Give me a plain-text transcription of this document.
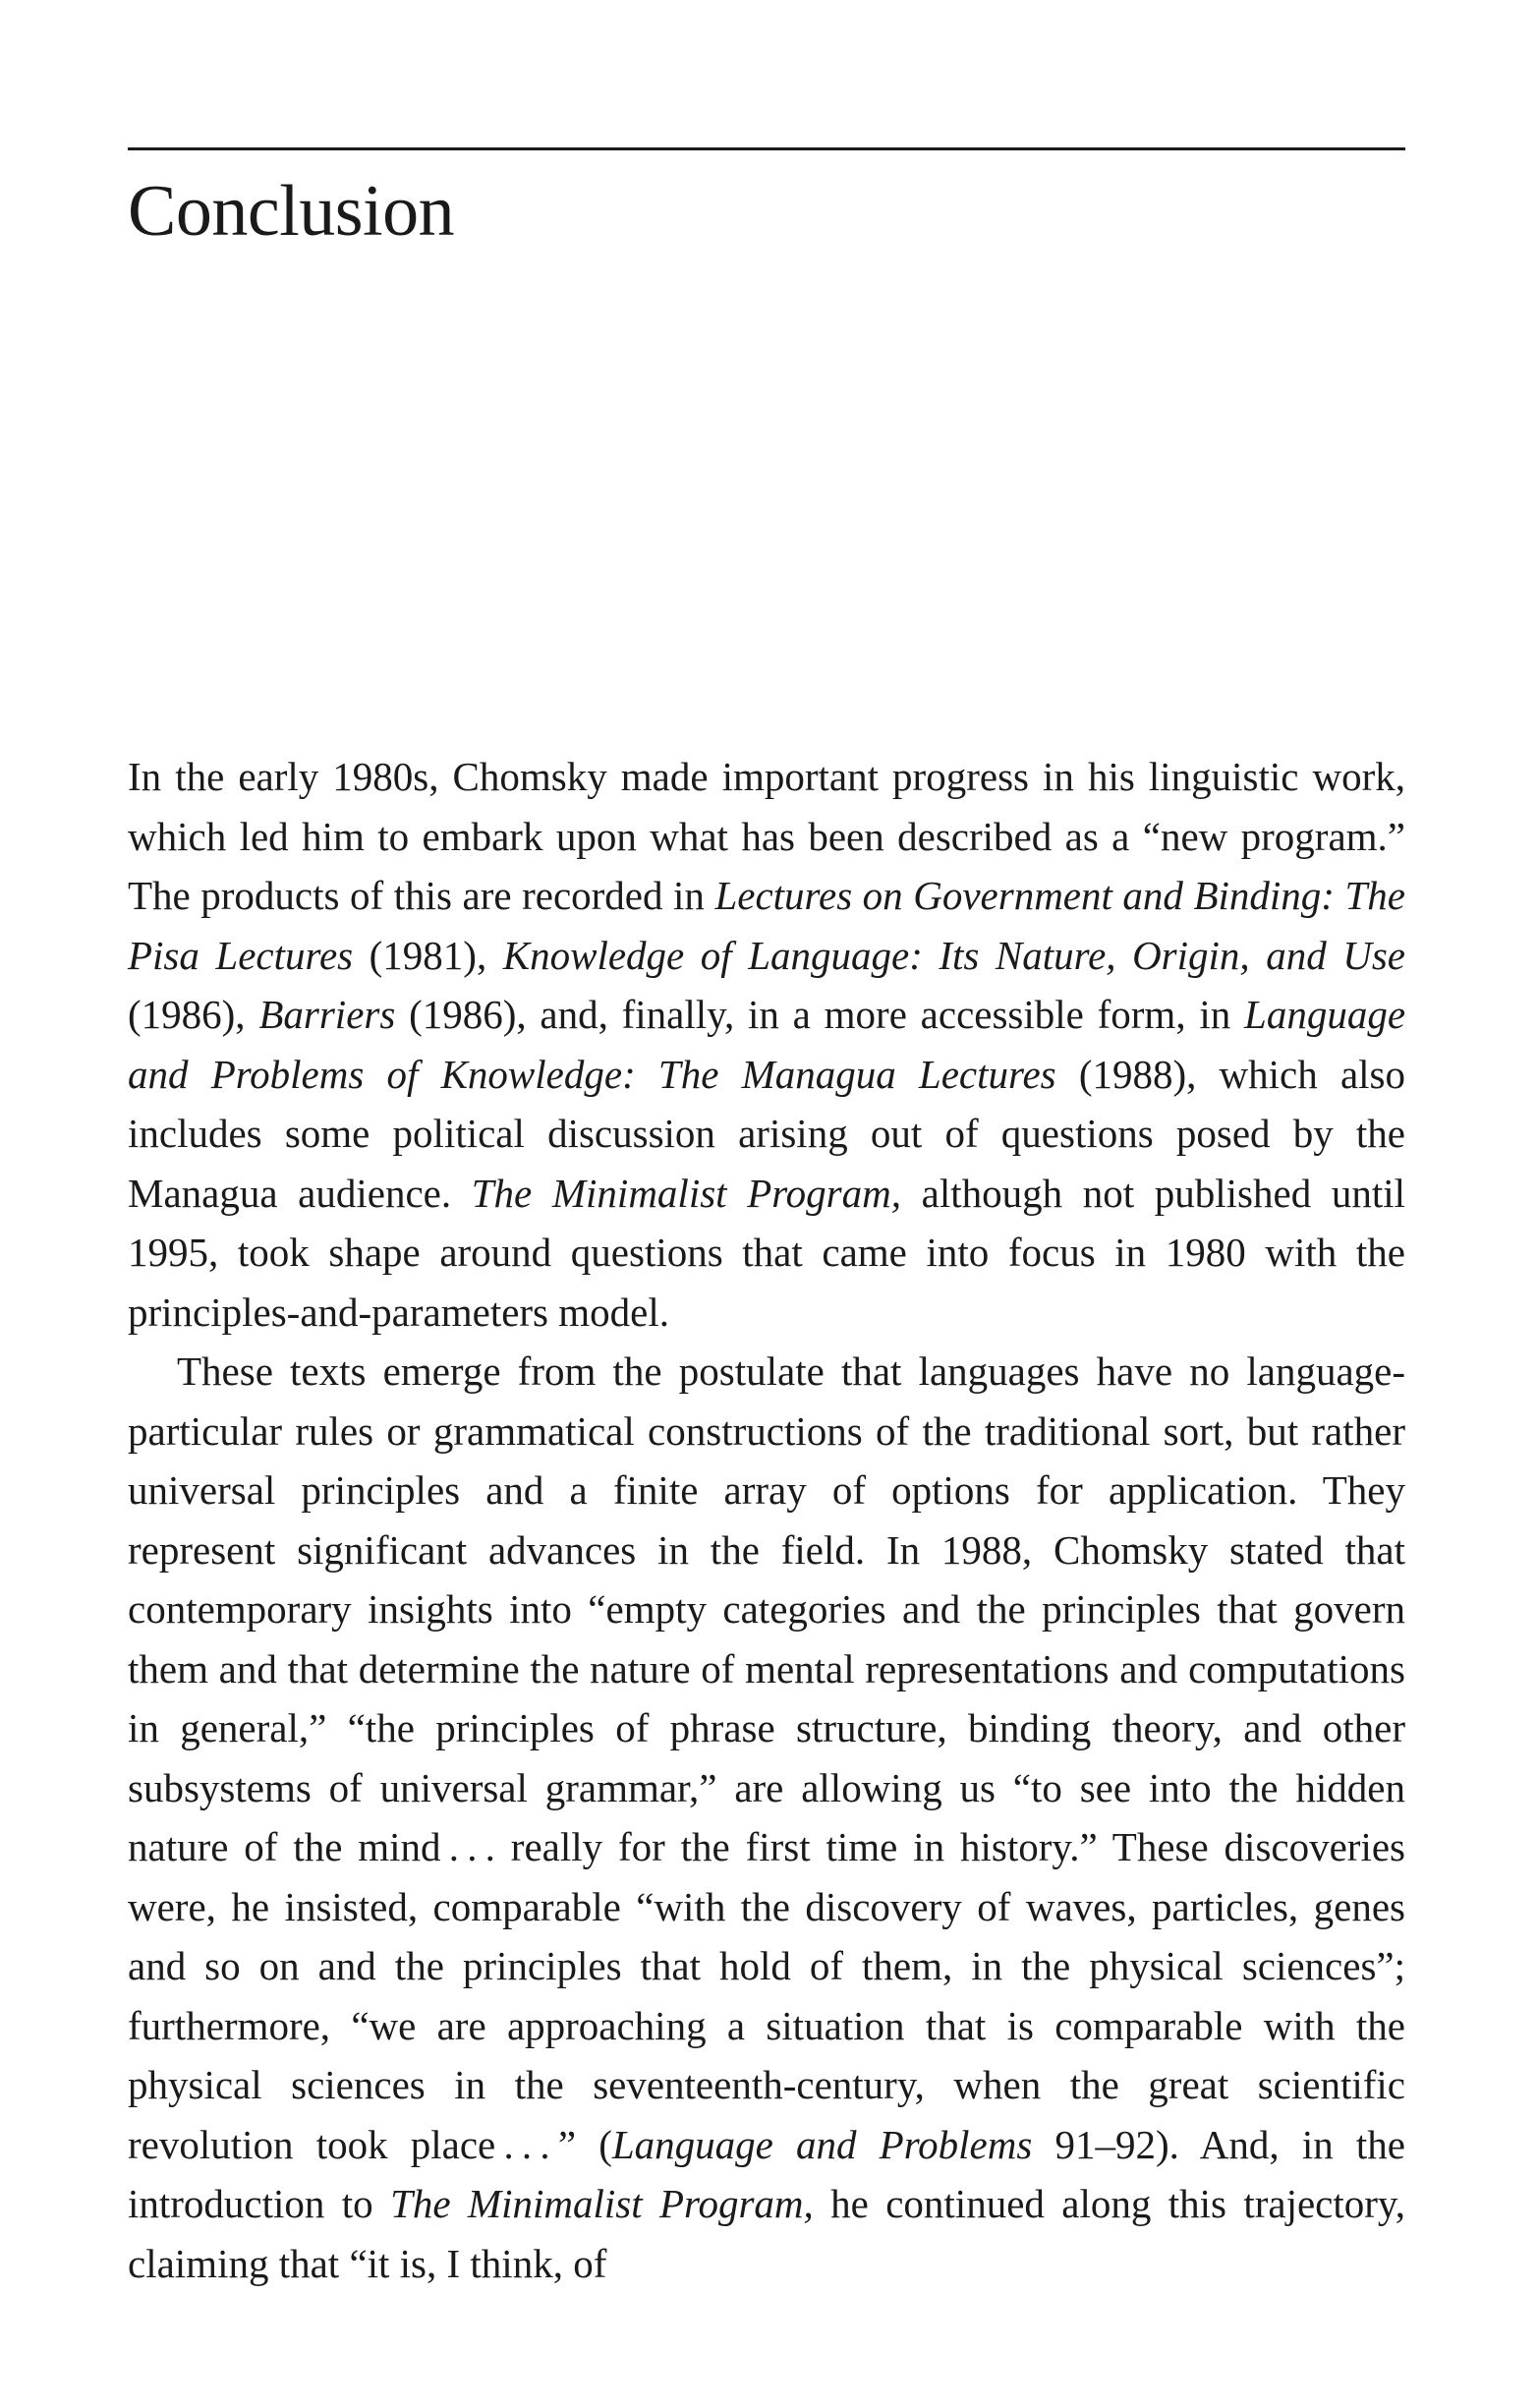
Conclusion

In the early 1980s, Chomsky made important progress in his linguistic work, which led him to embark upon what has been described as a “new program.” The products of this are recorded in Lectures on Government and Binding: The Pisa Lectures (1981), Knowledge of Language: Its Nature, Origin, and Use (1986), Barriers (1986), and, finally, in a more accessible form, in Language and Problems of Knowledge: The Managua Lectures (1988), which also includes some political discussion arising out of questions posed by the Managua audience. The Minimalist Program, although not published until 1995, took shape around questions that came into focus in 1980 with the principles-and-parameters model.

These texts emerge from the postulate that languages have no language-particular rules or grammatical constructions of the traditional sort, but rather universal principles and a finite array of options for application. They represent significant advances in the field. In 1988, Chomsky stated that contemporary insights into “empty categories and the principles that govern them and that determine the nature of mental representations and computations in general,” “the principles of phrase structure, binding theory, and other subsystems of universal grammar,” are allowing us “to see into the hidden nature of the mind . . . really for the first time in history.” These discoveries were, he insisted, comparable “with the discovery of waves, particles, genes and so on and the principles that hold of them, in the physical sciences”; furthermore, “we are approaching a situation that is comparable with the physical sciences in the seventeenth-century, when the great scientific revolution took place . . . ” (Language and Problems 91–92). And, in the introduction to The Minimalist Program, he continued along this trajectory, claiming that “it is, I think, of
